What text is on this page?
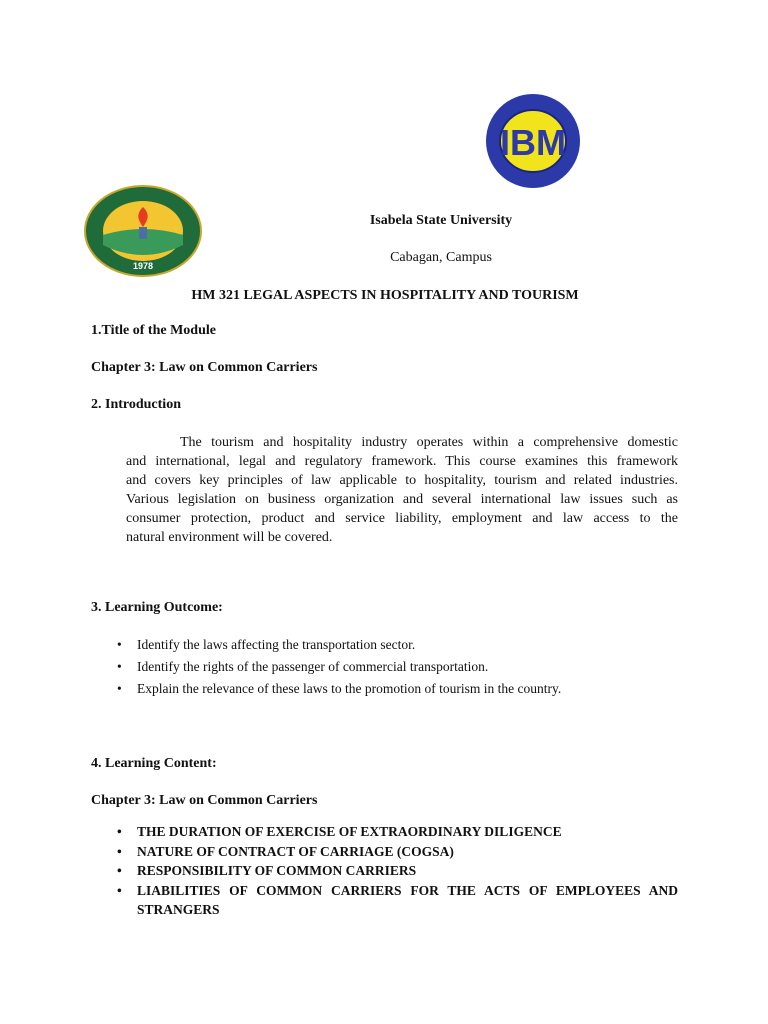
1978
IBM
Isabela State University
Cabagan, Campus
HM 321 LEGAL ASPECTS IN HOSPITALITY AND TOURISM
1.Title of the Module
Chapter 3: Law on Common Carriers
2. Introduction
The tourism and hospitality industry operates within a comprehensive domestic
and international, legal and regulatory framework. This course examines this framework
and covers key principles of law applicable to hospitality, tourism and related industries.
Various legislation on business organization and several international law issues such as
consumer protection, product and service liability, employment and law access to the
natural environment will be covered.
3. Learning Outcome:
• Identify the laws affecting the transportation sector.
• Identify the rights of the passenger of commercial transportation.
• Explain the relevance of these laws to the promotion of tourism in the country.
4. Learning Content:
Chapter 3: Law on Common Carriers
• THE DURATION OF EXERCISE OF EXTRAORDINARY DILIGENCE
• NATURE OF CONTRACT OF CARRIAGE (COGSA)
• RESPONSIBILITY OF COMMON CARRIERS
• LIABILITIES OF COMMON CARRIERS FOR THE ACTS OF EMPLOYEES AND STRANGERS
